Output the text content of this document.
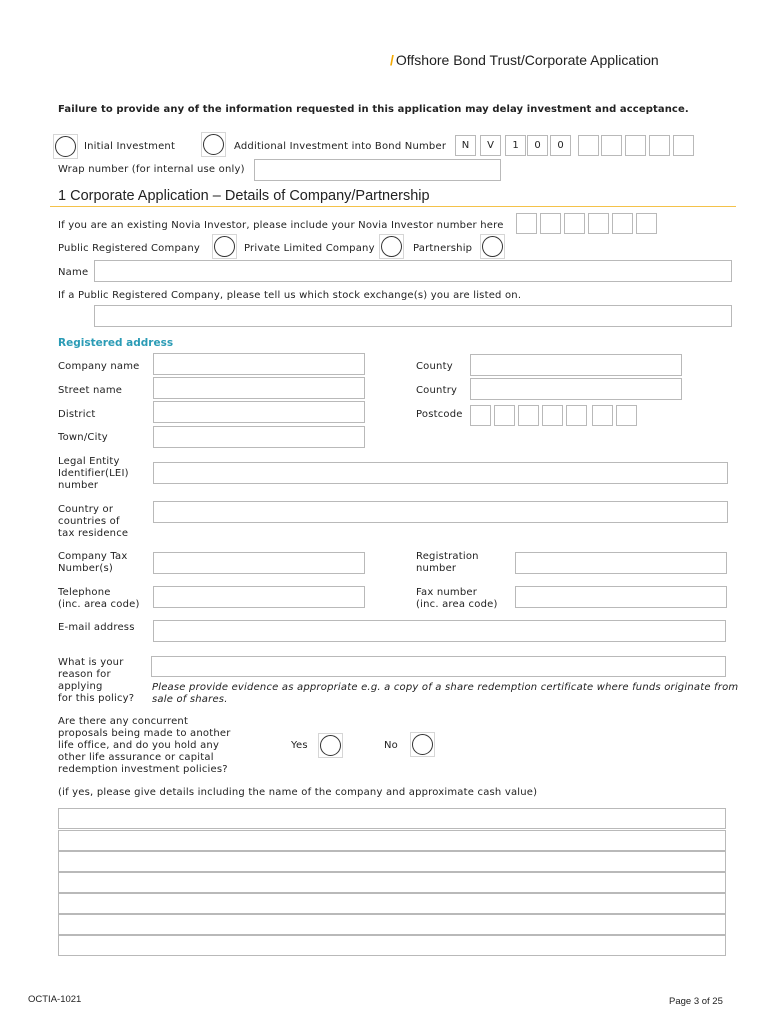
/ Offshore Bond Trust/Corporate Application
Failure to provide any of the information requested in this application may delay investment and acceptance.
Initial Investment	Additional Investment into Bond Number	N	V	1	0	0
Wrap number (for internal use only)
1 Corporate Application – Details of Company/Partnership
If you are an existing Novia Investor, please include your Novia Investor number here
Public Registered Company	Private Limited Company	Partnership
Name
If a Public Registered Company, please tell us which stock exchange(s) you are listed on.
Registered address
Company name	County
Street name	Country
District	Postcode
Town/City
Legal Entity
Identifier(LEI)
number
Country or
countries of
tax residence
Company Tax
Number(s)
Registration
number
Telephone
(inc. area code)
Fax number
(inc. area code)
E-mail address
What is your
reason for
applying
for this policy?
Please provide evidence as appropriate e.g. a copy of a share redemption certificate where funds originate from
sale of shares.
Are there any concurrent
proposals being made to another
life office, and do you hold any
other life assurance or capital
redemption investment policies?
Yes	No
(if yes, please give details including the name of the company and approximate cash value)
OCTIA-1021	Page 3 of 25
